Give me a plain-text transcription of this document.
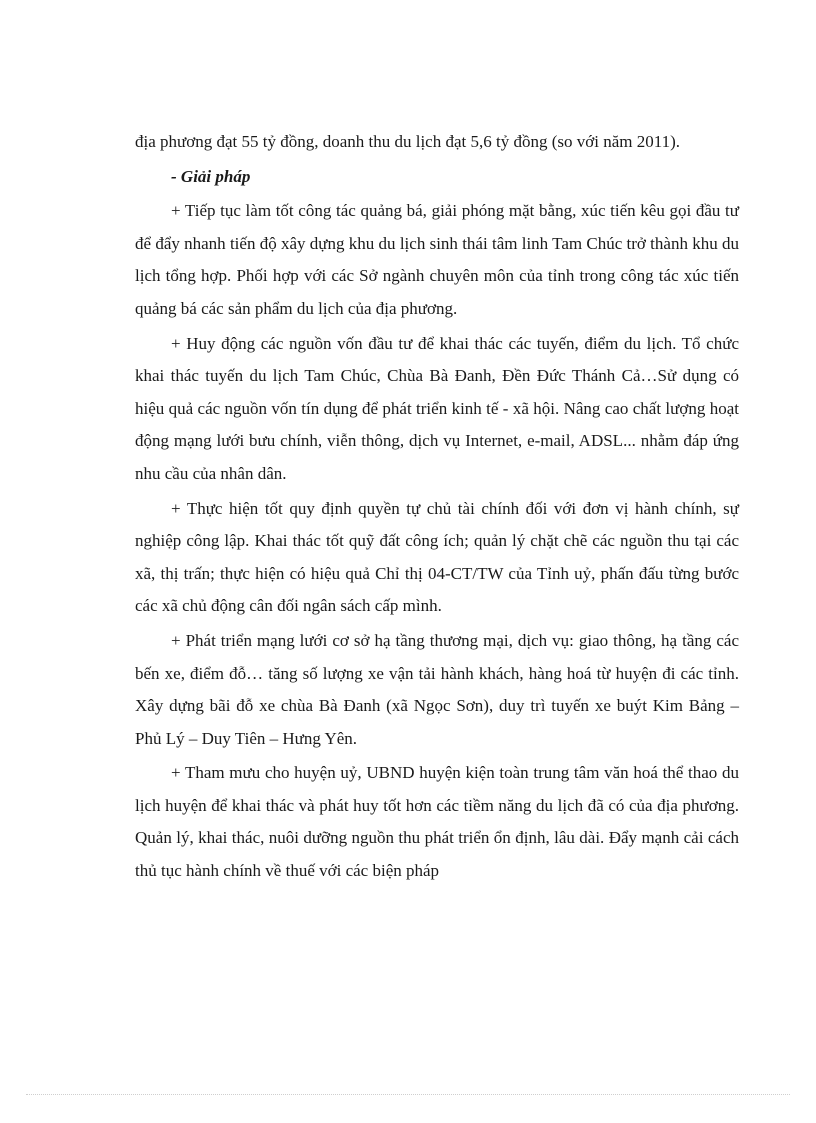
địa phương đạt 55 tỷ đồng, doanh thu du lịch đạt 5,6 tỷ đồng (so với năm 2011).

- Giải pháp

+ Tiếp tục làm tốt công tác quảng bá, giải phóng mặt bằng, xúc tiến kêu gọi đầu tư để đẩy nhanh tiến độ xây dựng khu du lịch sinh thái tâm linh Tam Chúc trở thành khu du lịch tổng hợp. Phối hợp với các Sở ngành chuyên môn của tỉnh trong công tác xúc tiến quảng bá các sản phẩm du lịch của địa phương.

+ Huy động các nguồn vốn đầu tư để khai thác các tuyến, điểm du lịch. Tổ chức khai thác tuyến du lịch Tam Chúc, Chùa Bà Đanh, Đền Đức Thánh Cả…Sử dụng có hiệu quả các nguồn vốn tín dụng để phát triển kinh tế - xã hội. Nâng cao chất lượng hoạt động mạng lưới bưu chính, viễn thông, dịch vụ Internet, e-mail, ADSL... nhằm đáp ứng nhu cầu của nhân dân.

+ Thực hiện tốt quy định quyền tự chủ tài chính đối với đơn vị hành chính, sự nghiệp công lập. Khai thác tốt quỹ đất công ích; quản lý chặt chẽ các nguồn thu tại các xã, thị trấn; thực hiện có hiệu quả Chỉ thị 04-CT/TW của Tỉnh uỷ, phấn đấu từng bước các xã chủ động cân đối ngân sách cấp mình.

+ Phát triển mạng lưới cơ sở hạ tầng thương mại, dịch vụ: giao thông, hạ tầng các bến xe, điểm đỗ… tăng số lượng xe vận tải hành khách, hàng hoá từ huyện đi các tỉnh. Xây dựng bãi đỗ xe chùa Bà Đanh (xã Ngọc Sơn), duy trì tuyến xe buýt Kim Bảng – Phủ Lý – Duy Tiên – Hưng Yên.

+ Tham mưu cho huyện uỷ, UBND huyện kiện toàn trung tâm văn hoá thể thao du lịch huyện để khai thác và phát huy tốt hơn các tiềm năng du lịch đã có của địa phương. Quản lý, khai thác, nuôi dưỡng nguồn thu phát triển ổn định, lâu dài. Đẩy mạnh cải cách thủ tục hành chính về thuế với các biện pháp
